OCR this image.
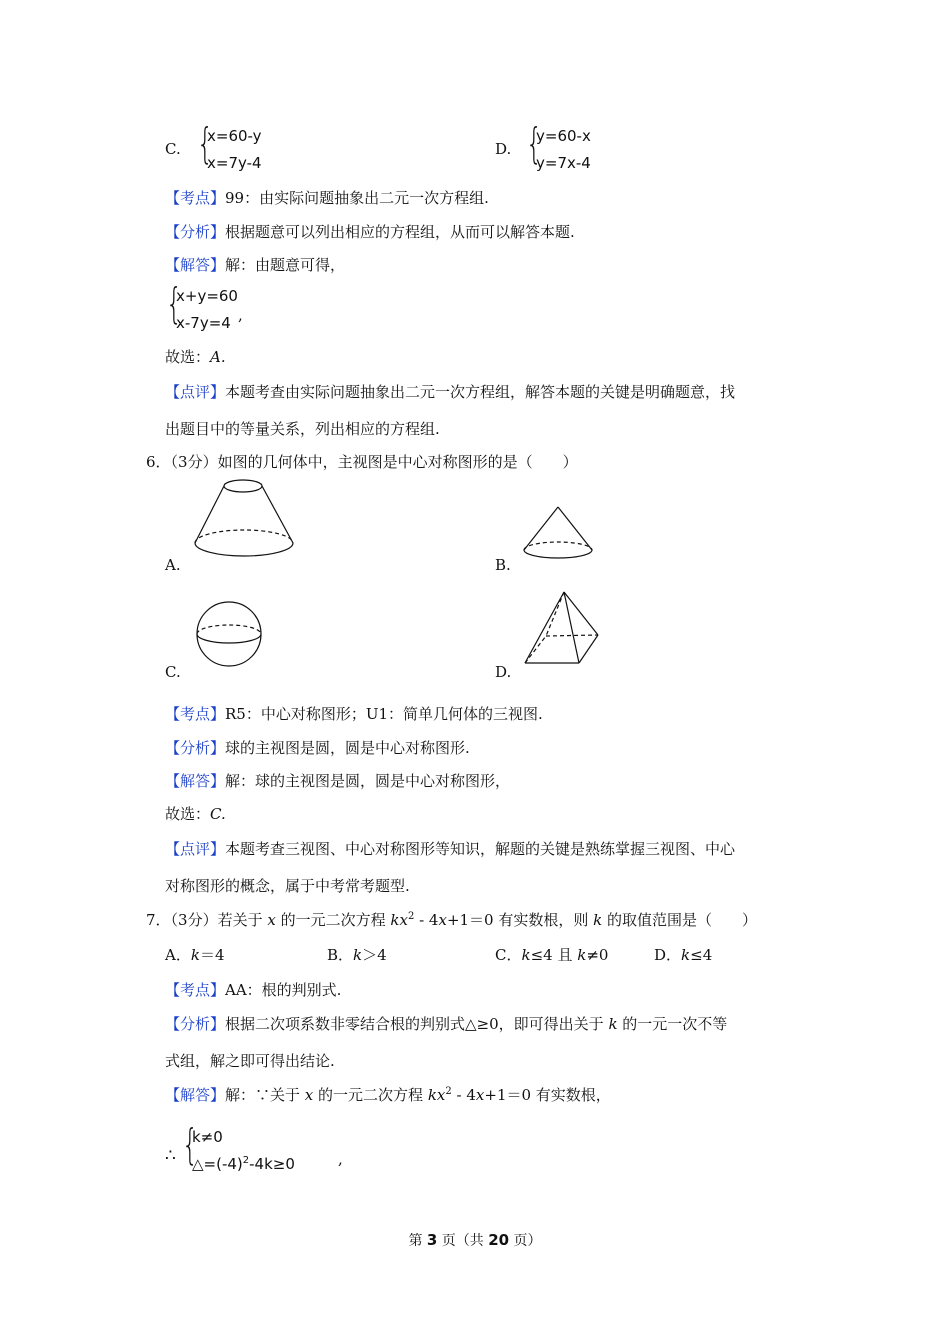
C. {
x=60-y
x=7y-4
D. {
y=60-x
y=7x-4
【考点】99：由实际问题抽象出二元一次方程组.
【分析】根据题意可以列出相应的方程组，从而可以解答本题.
【解答】解：由题意可得，
{
x+y=60
x-7y=4 ,
故选：A.
【点评】本题考查由实际问题抽象出二元一次方程组，解答本题的关键是明确题意，找
出题目中的等量关系，列出相应的方程组.
6．（3分）如图的几何体中，主视图是中心对称图形的是（　　）
A.	B.
C.	D.
【考点】R5：中心对称图形；U1：简单几何体的三视图.
【分析】球的主视图是圆，圆是中心对称图形.
【解答】解：球的主视图是圆，圆是中心对称图形，
故选：C.
【点评】本题考查三视图、中心对称图形等知识，解题的关键是熟练掌握三视图、中心
对称图形的概念，属于中考常考题型.
7．（3分）若关于 x 的一元二次方程 $kx^2 - 4x+1=0$ 有实数根，则 k 的取值范围是（　　）
A．k＝4	B．k＞4	C．k≤4 且 k≠0	D．k≤4
【考点】AA：根的判别式.
【分析】根据二次项系数非零结合根的判别式△≥0，即可得出关于 k 的一元一次不等
式组，解之即可得出结论.
【解答】解：∵关于 x 的一元二次方程 $kx^2 - 4x+1=0$ 有实数根，
∴ {
k≠0
$\triangle=(-4)^2-4k\ge 0$	,
第 3 页（共 20 页）
